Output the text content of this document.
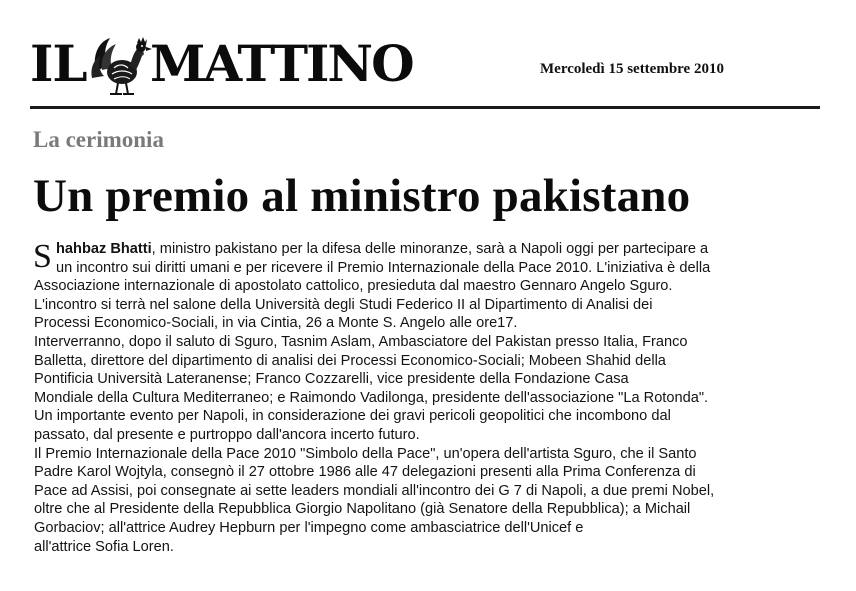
IL MATTINO	Mercoledì 15 settembre 2010
La cerimonia
Un premio al ministro pakistano
S hahbaz Bhatti, ministro pakistano per la difesa delle minoranze, sarà a Napoli oggi per partecipare a
un incontro sui diritti umani e per ricevere il Premio Internazionale della Pace 2010. L'iniziativa è della
Associazione internazionale di apostolato cattolico, presieduta dal maestro Gennaro Angelo Sguro.
L'incontro si terrà nel salone della Università degli Studi Federico II al Dipartimento di Analisi dei
Processi Economico-Sociali, in via Cintia, 26 a Monte S. Angelo alle ore17.
Interverranno, dopo il saluto di Sguro, Tasnim Aslam, Ambasciatore del Pakistan presso Italia, Franco
Balletta, direttore del dipartimento di analisi dei Processi Economico-Sociali; Mobeen Shahid della
Pontificia Università Lateranense; Franco Cozzarelli, vice presidente della Fondazione Casa
Mondiale della Cultura Mediterraneo; e Raimondo Vadilonga, presidente dell'associazione "La Rotonda".
Un importante evento per Napoli, in considerazione dei gravi pericoli geopolitici che incombono dal
passato, dal presente e purtroppo dall'ancora incerto futuro.
Il Premio Internazionale della Pace 2010 "Simbolo della Pace", un'opera dell'artista Sguro, che il Santo
Padre Karol Wojtyla, consegnò il 27 ottobre 1986 alle 47 delegazioni presenti alla Prima Conferenza di
Pace ad Assisi, poi consegnate ai sette leaders mondiali all'incontro dei G 7 di Napoli, a due premi Nobel,
oltre che al Presidente della Repubblica Giorgio Napolitano (già Senatore della Repubblica); a Michail
Gorbaciov; all'attrice Audrey Hepburn per l'impegno come ambasciatrice dell'Unicef e
all'attrice Sofia Loren.
